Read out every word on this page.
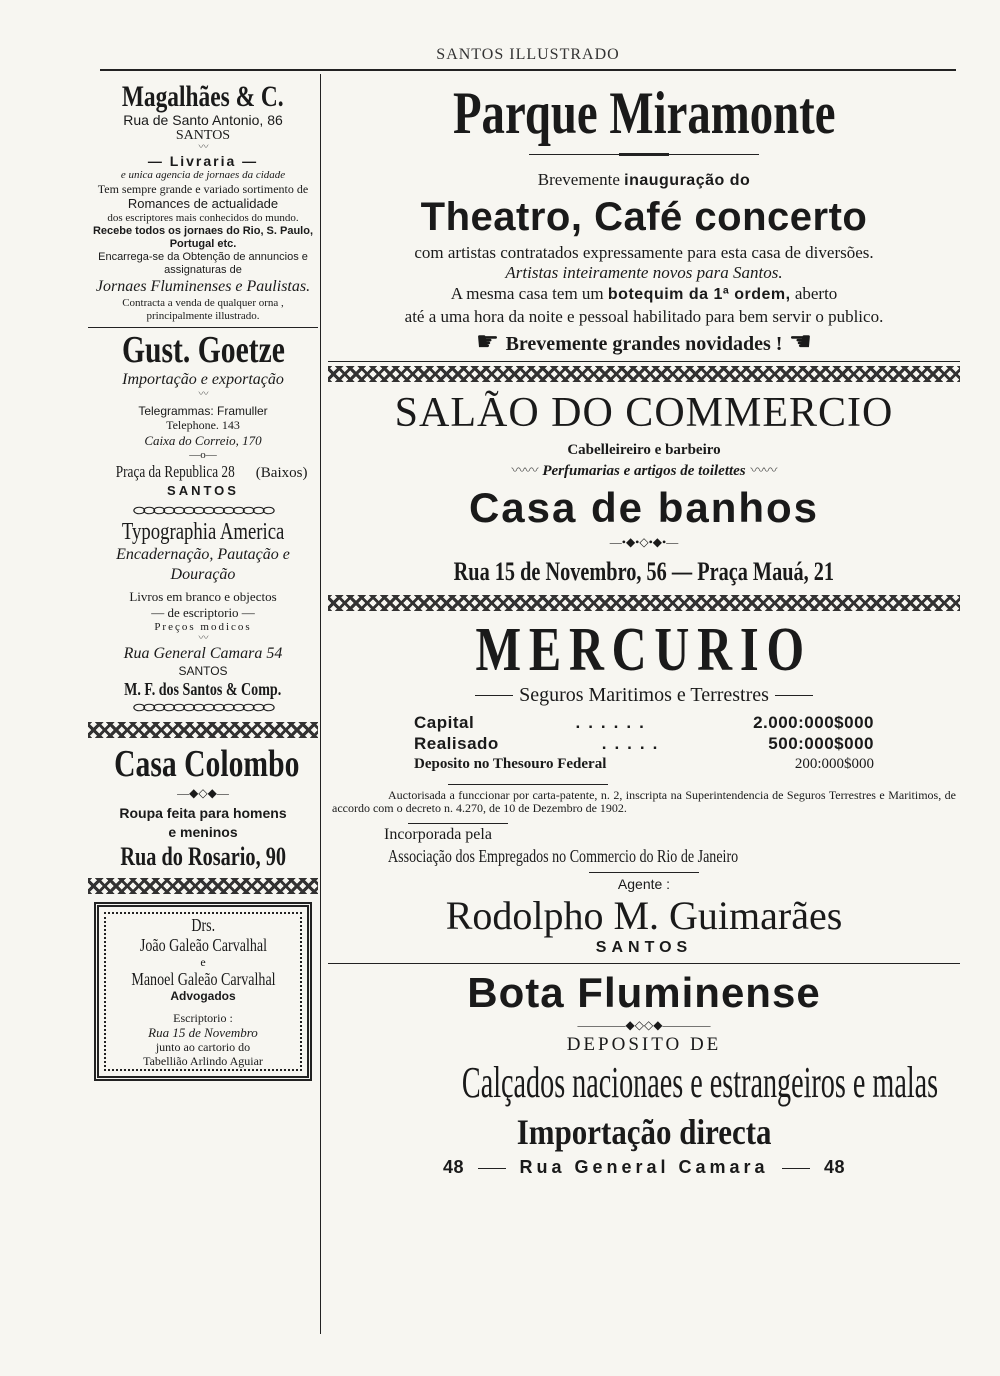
SANTOS ILLUSTRADO
Magalhães & C.
Rua de Santo Antonio, 86
SANTOS
〰
— Livraria —
e unica agencia de jornaes da cidade
Tem sempre grande e variado sortimento de
Romances de actualidade
dos escriptores mais conhecidos do mundo.
Recebe todos os jornaes do Rio, S. Paulo, Portugal etc.
Encarrega-se da Obtenção de annuncios e assignaturas de
Jornaes Fluminenses e Paulistas.
Contracta a venda de qualquer orna , principalmente illustrado.
Gust. Goetze
Importação e exportação
〰
Telegrammas: Framuller
Telephone. 143
Caixa do Correio, 170
—o—
Praça da Republica 28 (Baixos)
SANTOS
⬭⬭⬭⬭⬭⬭⬭⬭⬭⬭⬭⬭⬭⬭
Typographia America
Encadernação, Pautação e Douração
Livros em branco e objectos
— de escriptorio —
Preços modicos
〰
Rua General Camara 54
SANTOS
M. F. dos Santos & Comp.
⬭⬭⬭⬭⬭⬭⬭⬭⬭⬭⬭⬭⬭⬭
Casa Colombo
—◆◇◆—
Roupa feita para homens
e meninos
Rua do Rosario, 90
Drs.
João Galeão Carvalhal
e
Manoel Galeão Carvalhal
Advogados
Escriptorio :
Rua 15 de Novembro
junto ao cartorio do
Tabellião Arlindo Aguiar
Parque Miramonte
Brevemente inauguração do
Theatro, Café concerto
com artistas contratados expressamente para esta casa de diversões.
Artistas inteiramente novos para Santos.
A mesma casa tem um botequim da 1ª ordem, aberto
até a uma hora da noite e pessoal habilitado para bem servir o publico.
☛ Brevemente grandes novidades ! ☚
SALÃO DO COMMERCIO
Cabelleireiro e barbeiro
〰〰 Perfumarias e artigos de toilettes 〰〰
Casa de banhos
—•◆•◇•◆•—
Rua 15 de Novembro, 56 — Praça Mauá, 21
MERCURIO
Seguros Maritimos e Terrestres
Capital	......	2.000:000$000
Realisado	.....	500:000$000
Deposito no Thesouro Federal	200:000$000
Auctorisada a funccionar por carta-patente, n. 2, inscripta na Superintendencia de Seguros Terrestres e Maritimos, de accordo com o decreto n. 4.270, de 10 de Dezembro de 1902.
Incorporada pela
Associação dos Empregados no Commercio do Rio de Janeiro
Agente :
Rodolpho M. Guimarães
SANTOS
Bota Fluminense
————◆◇◇◆————
DEPOSITO DE
Calçados nacionaes e estrangeiros e malas
Importação directa
48	Rua General Camara	48
